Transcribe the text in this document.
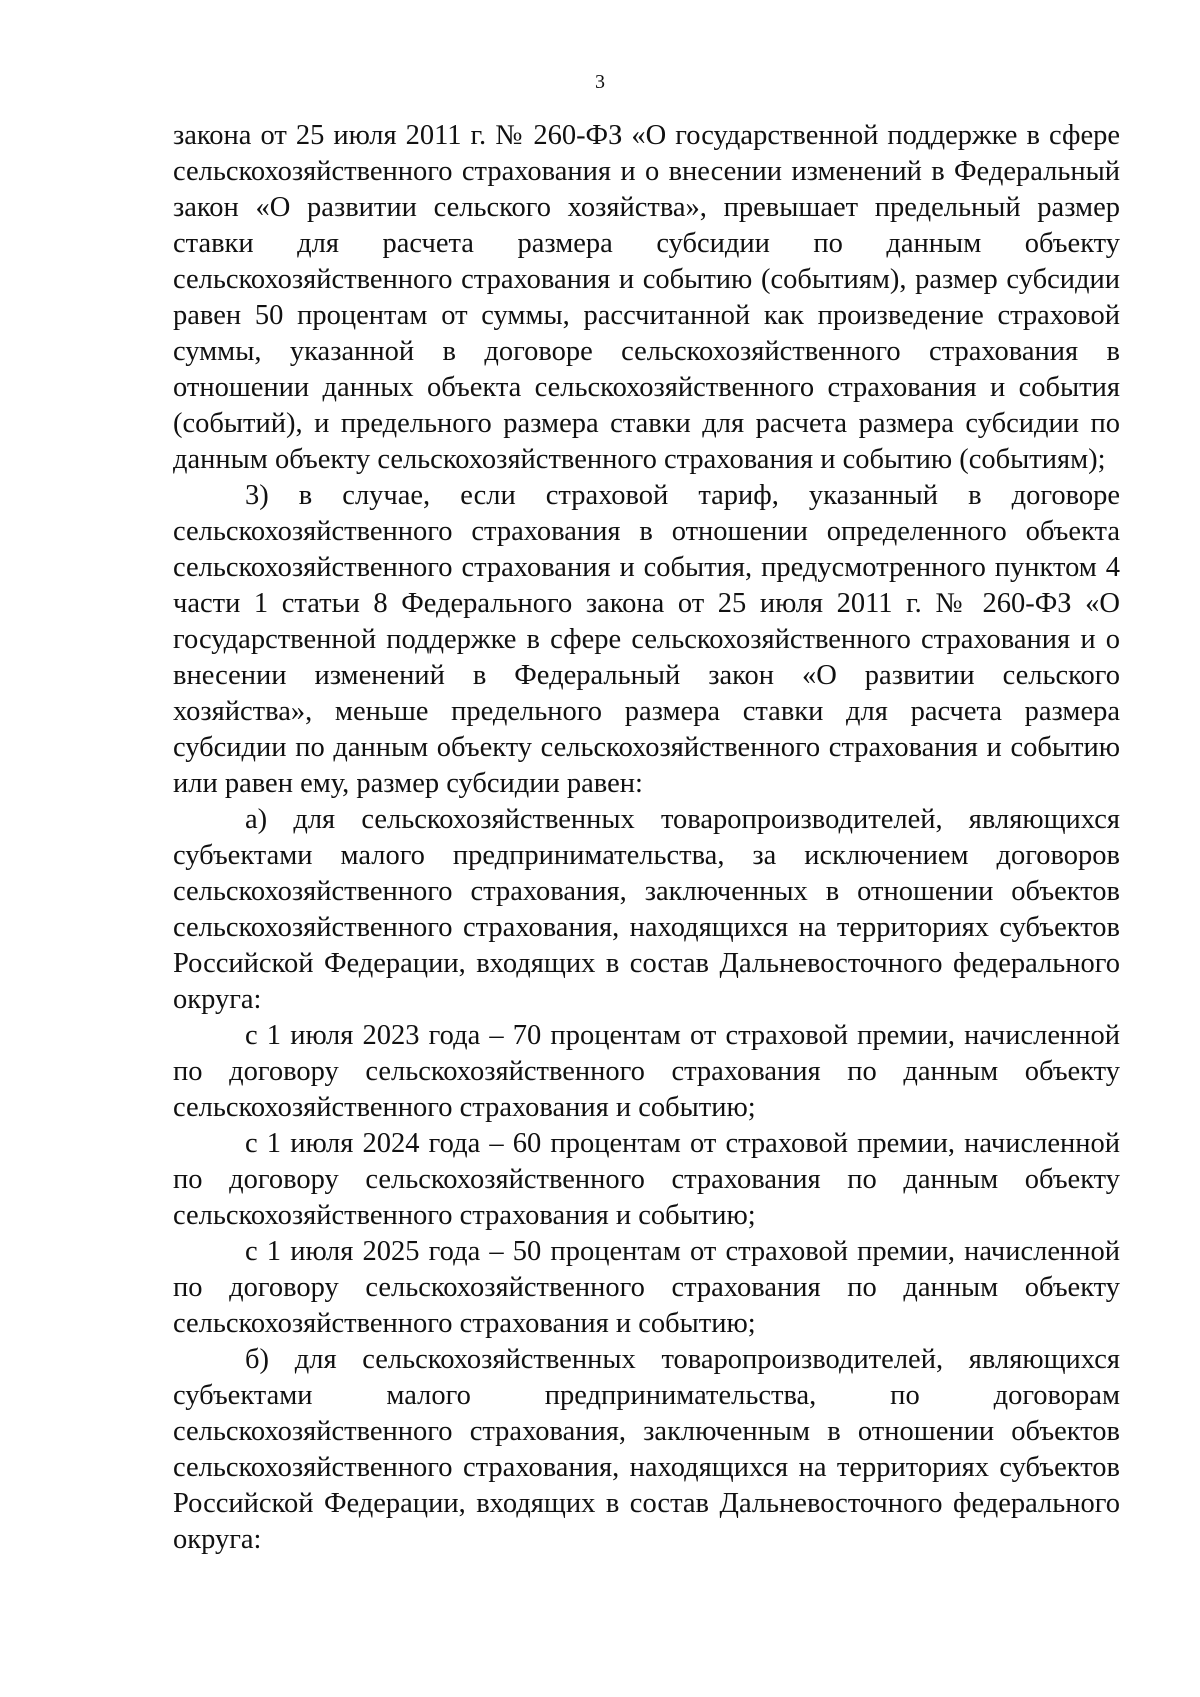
3

закона от 25 июля 2011 г. № 260-ФЗ «О государственной поддержке в сфере сельскохозяйственного страхования и о внесении изменений в Федеральный закон «О развитии сельского хозяйства», превышает предельный размер ставки для расчета размера субсидии по данным объекту сельскохозяйственного страхования и событию (событиям), размер субсидии равен 50 процентам от суммы, рассчитанной как произведение страховой суммы, указанной в договоре сельскохозяйственного страхования в отношении данных объекта сельскохозяйственного страхования и события (событий), и предельного размера ставки для расчета размера субсидии по данным объекту сельскохозяйственного страхования и событию (событиям);

3) в случае, если страховой тариф, указанный в договоре сельскохозяйственного страхования в отношении определенного объекта сельскохозяйственного страхования и события, предусмотренного пунктом 4 части 1 статьи 8 Федерального закона от 25 июля 2011 г. № 260-ФЗ «О государственной поддержке в сфере сельскохозяйственного страхования и о внесении изменений в Федеральный закон «О развитии сельского хозяйства», меньше предельного размера ставки для расчета размера субсидии по данным объекту сельскохозяйственного страхования и событию или равен ему, размер субсидии равен:

а) для сельскохозяйственных товаропроизводителей, являющихся субъектами малого предпринимательства, за исключением договоров сельскохозяйственного страхования, заключенных в отношении объектов сельскохозяйственного страхования, находящихся на территориях субъектов Российской Федерации, входящих в состав Дальневосточного федерального округа:

с 1 июля 2023 года – 70 процентам от страховой премии, начисленной по договору сельскохозяйственного страхования по данным объекту сельскохозяйственного страхования и событию;

с 1 июля 2024 года – 60 процентам от страховой премии, начисленной по договору сельскохозяйственного страхования по данным объекту сельскохозяйственного страхования и событию;

с 1 июля 2025 года – 50 процентам от страховой премии, начисленной по договору сельскохозяйственного страхования по данным объекту сельскохозяйственного страхования и событию;

б) для сельскохозяйственных товаропроизводителей, являющихся субъектами малого предпринимательства, по договорам сельскохозяйственного страхования, заключенным в отношении объектов сельскохозяйственного страхования, находящихся на территориях субъектов Российской Федерации, входящих в состав Дальневосточного федерального округа:
